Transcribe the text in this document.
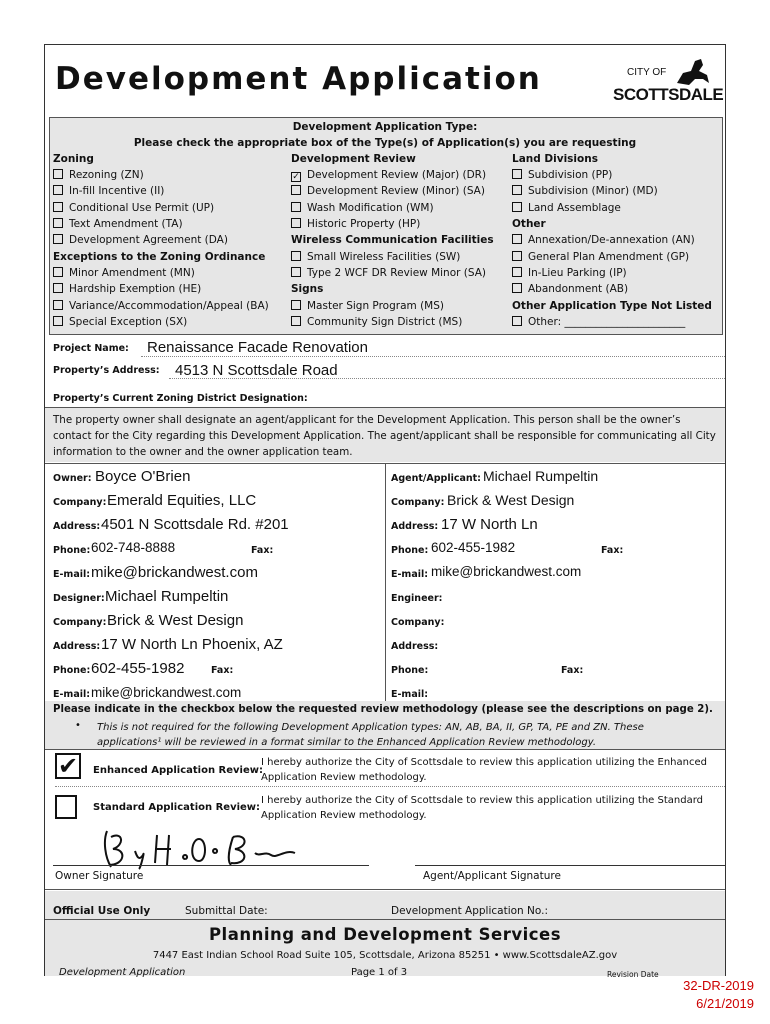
Development Application	CITY OF
SCOTTSDALE
Development Application Type:
Please check the appropriate box of the Type(s) of Application(s) you are requesting
Zoning
Rezoning (ZN)
In-fill Incentive (II)
Conditional Use Permit (UP)
Text Amendment (TA)
Development Agreement (DA)
Exceptions to the Zoning Ordinance
Minor Amendment (MN)
Hardship Exemption (HE)
Variance/Accommodation/Appeal (BA)
Special Exception (SX)
Development Review
✓ Development Review (Major) (DR)
Development Review (Minor) (SA)
Wash Modification (WM)
Historic Property (HP)
Wireless Communication Facilities
Small Wireless Facilities (SW)
Type 2 WCF DR Review Minor (SA)
Signs
Master Sign Program (MS)
Community Sign District (MS)
Land Divisions
Subdivision (PP)
Subdivision (Minor) (MD)
Land Assemblage
Other
Annexation/De-annexation (AN)
General Plan Amendment (GP)
In-Lieu Parking (IP)
Abandonment (AB)
Other Application Type Not Listed
Other: _______________________
Project Name: Renaissance Facade Renovation
Property’s Address: 4513 N Scottsdale Road
Property’s Current Zoning District Designation:
The property owner shall designate an agent/applicant for the Development Application. This person shall be the owner’s contact for the City regarding this Development Application. The agent/applicant shall be responsible for communicating all City information to the owner and the owner application team.
Owner: Boyce O'Brien
Company: Emerald Equities, LLC
Address: 4501 N Scottsdale Rd. #201
Phone: 602-748-8888	Fax:
E-mail: mike@brickandwest.com
Agent/Applicant: Michael Rumpeltin
Company: Brick & West Design
Address: 17 W North Ln
Phone: 602-455-1982	Fax:
E-mail: mike@brickandwest.com
Designer: Michael Rumpeltin
Company: Brick & West Design
Address: 17 W North Ln Phoenix, AZ
Phone: 602-455-1982	Fax:
E-mail: mike@brickandwest.com
Engineer:
Company:
Address:
Phone:	Fax:
E-mail:
Please indicate in the checkbox below the requested review methodology (please see the descriptions on page 2).
• This is not required for the following Development Application types: AN, AB, BA, II, GP, TA, PE and ZN. These applications¹ will be reviewed in a format similar to the Enhanced Application Review methodology.
✔ Enhanced Application Review:
I hereby authorize the City of Scottsdale to review this application utilizing the Enhanced Application Review methodology.
Standard Application Review:
I hereby authorize the City of Scottsdale to review this application utilizing the Standard Application Review methodology.
Owner Signature	Agent/Applicant Signature
Official Use Only	Submittal Date:	Development Application No.:
Planning and Development Services
7447 East Indian School Road Suite 105, Scottsdale, Arizona 85251 • www.ScottsdaleAZ.gov
Development Application	Page 1 of 3	Revision Date
32-DR-2019
6/21/2019
